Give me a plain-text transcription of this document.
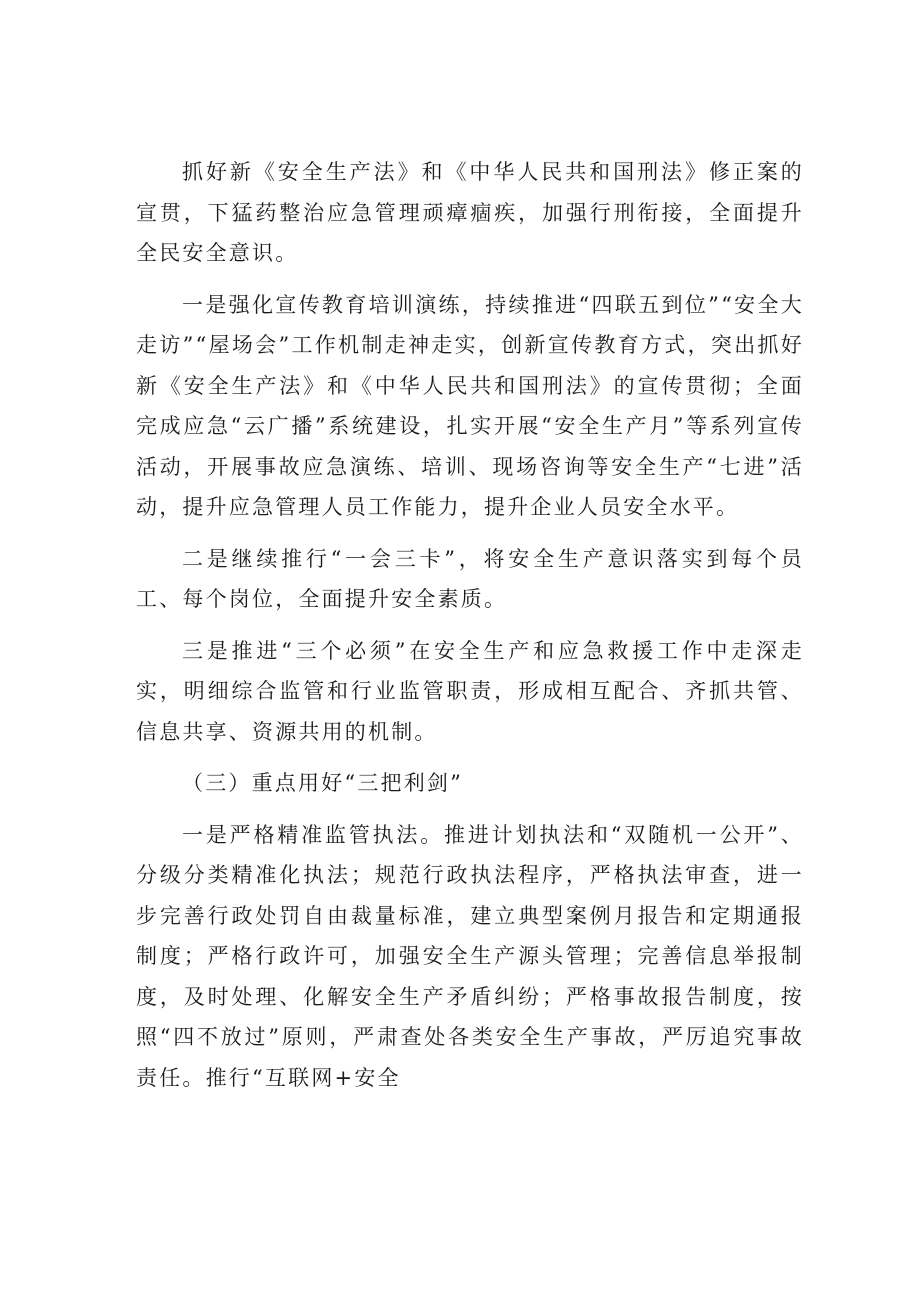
抓好新《安全生产法》和《中华人民共和国刑法》修正案的宣贯，下猛药整治应急管理顽瘴痼疾，加强行刑衔接，全面提升全民安全意识。

一是强化宣传教育培训演练，持续推进“四联五到位”“安全大走访”“屋场会”工作机制走神走实，创新宣传教育方式，突出抓好新《安全生产法》和《中华人民共和国刑法》的宣传贯彻；全面完成应急“云广播”系统建设，扎实开展“安全生产月”等系列宣传活动，开展事故应急演练、培训、现场咨询等安全生产“七进”活动，提升应急管理人员工作能力，提升企业人员安全水平。

二是继续推行“一会三卡”，将安全生产意识落实到每个员工、每个岗位，全面提升安全素质。

三是推进“三个必须”在安全生产和应急救援工作中走深走实，明细综合监管和行业监管职责，形成相互配合、齐抓共管、信息共享、资源共用的机制。

（三）重点用好“三把利剑”

一是严格精准监管执法。推进计划执法和“双随机一公开”、分级分类精准化执法；规范行政执法程序，严格执法审查，进一步完善行政处罚自由裁量标准，建立典型案例月报告和定期通报制度；严格行政许可，加强安全生产源头管理；完善信息举报制度，及时处理、化解安全生产矛盾纠纷；严格事故报告制度，按照“四不放过”原则，严肃查处各类安全生产事故，严厉追究事故责任。推行“互联网+安全
